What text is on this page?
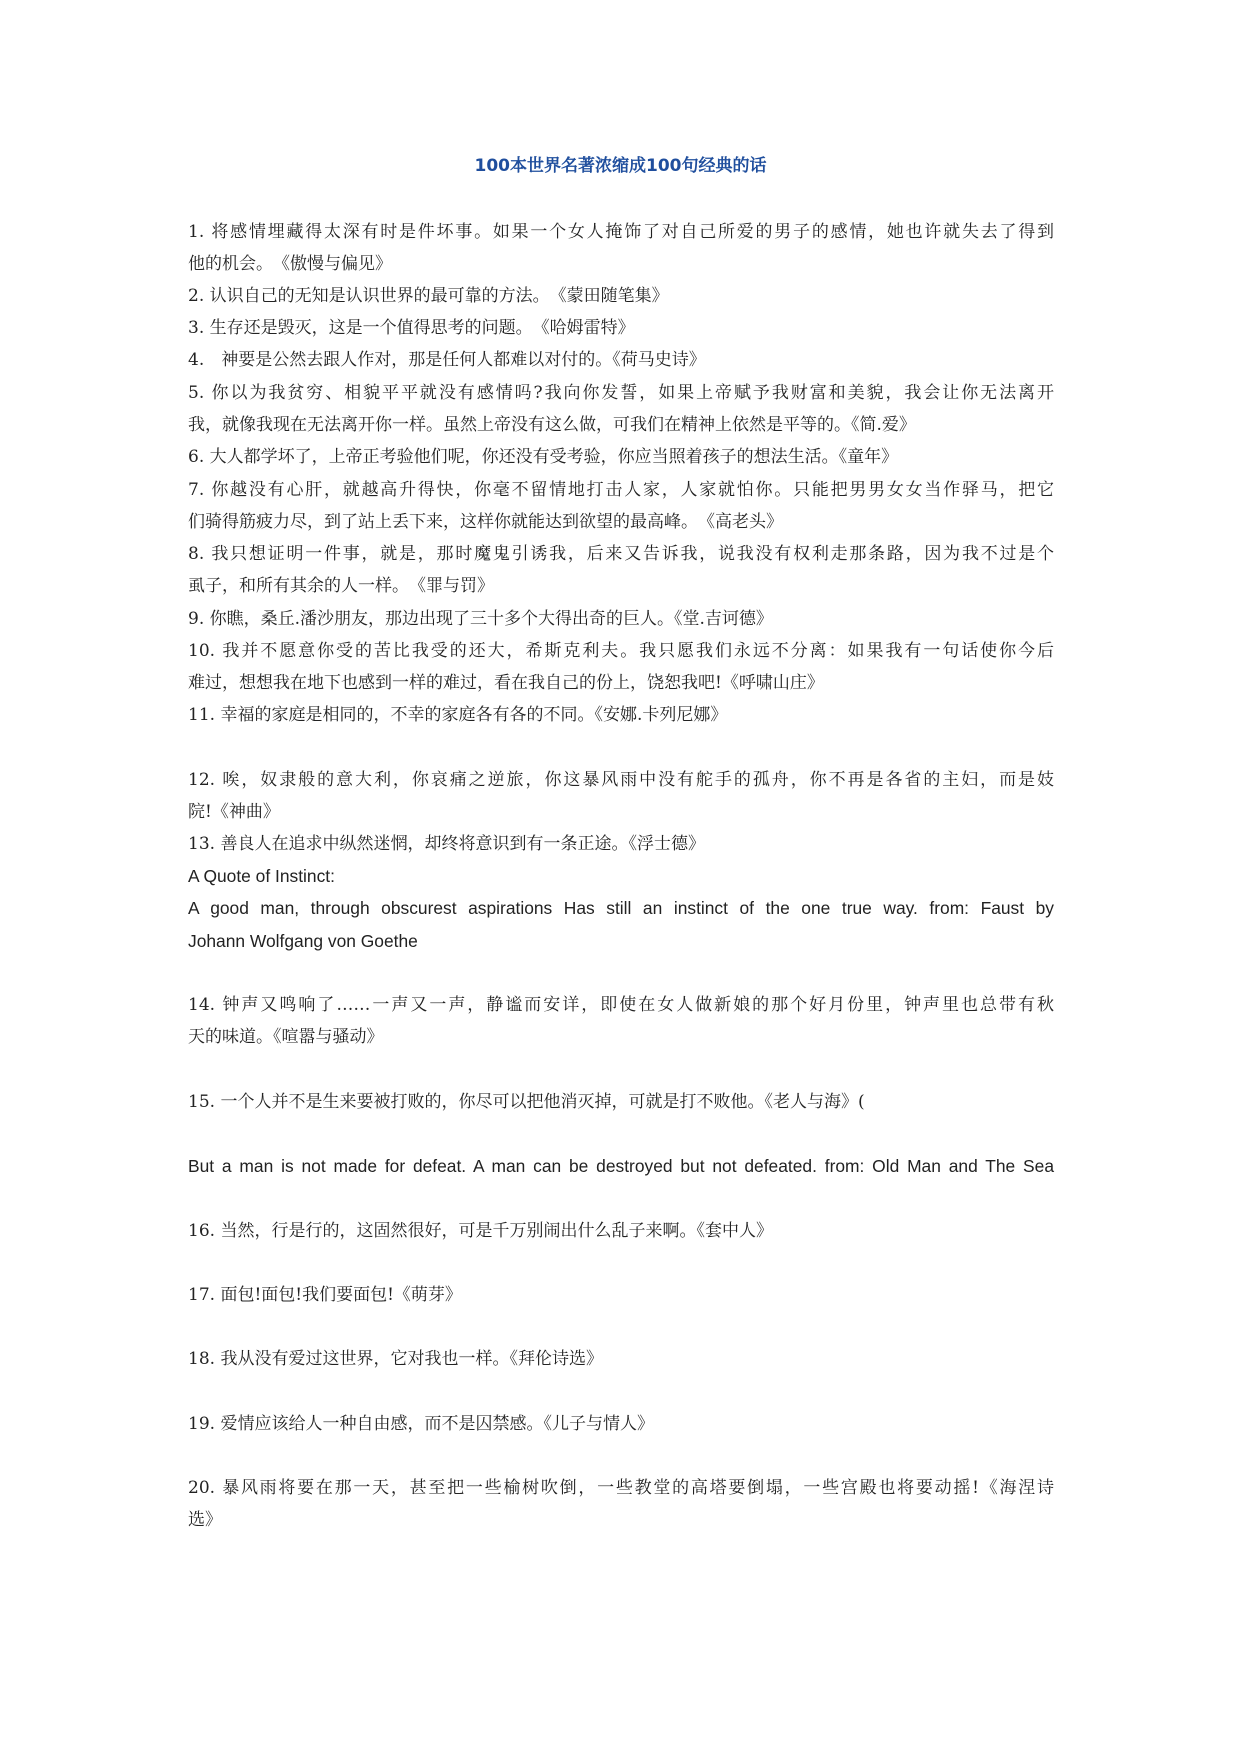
100本世界名著浓缩成100句经典的话
1. 将感情埋藏得太深有时是件坏事。如果一个女人掩饰了对自己所爱的男子的感情，她也许就失去了得到
他的机会。　《傲慢与偏见》
2. 认识自己的无知是认识世界的最可靠的方法。　《蒙田随笔集》
3. 生存还是毁灭，这是一个值得思考的问题。　《哈姆雷特》
4.　神要是公然去跟人作对，那是任何人都难以对付的。《荷马史诗》
5. 你以为我贫穷、相貌平平就没有感情吗?我向你发誓，如果上帝赋予我财富和美貌，我会让你无法离开
我，就像我现在无法离开你一样。虽然上帝没有这么做，可我们在精神上依然是平等的。《简.爱》
6. 大人都学坏了，上帝正考验他们呢，你还没有受考验，你应当照着孩子的想法生活。《童年》
7. 你越没有心肝，就越高升得快，你毫不留情地打击人家，人家就怕你。只能把男男女女当作驿马，把它
们骑得筋疲力尽，到了站上丢下来，这样你就能达到欲望的最高峰。　《高老头》
8. 我只想证明一件事，就是，那时魔鬼引诱我，后来又告诉我，说我没有权利走那条路，因为我不过是个
虱子，和所有其余的人一样。　《罪与罚》
9. 你瞧，桑丘.潘沙朋友，那边出现了三十多个大得出奇的巨人。《堂.吉诃德》
10. 我并不愿意你受的苦比我受的还大，希斯克利夫。我只愿我们永远不分离：如果我有一句话使你今后
难过，想想我在地下也感到一样的难过，看在我自己的份上，饶恕我吧!《呼啸山庄》
11. 幸福的家庭是相同的，不幸的家庭各有各的不同。《安娜.卡列尼娜》
12. 唉，奴隶般的意大利，你哀痛之逆旅，你这暴风雨中没有舵手的孤舟，你不再是各省的主妇，而是妓
院!《神曲》
13. 善良人在追求中纵然迷惘，却终将意识到有一条正途。《浮士德》
A Quote of Instinct:
A good man, through obscurest aspirations Has still an instinct of the one true way. from: Faust by
Johann Wolfgang von Goethe
14. 钟声又鸣响了……一声又一声，静谧而安详，即使在女人做新娘的那个好月份里，钟声里也总带有秋
天的味道。《喧嚣与骚动》
15. 一个人并不是生来要被打败的，你尽可以把他消灭掉，可就是打不败他。《老人与海》(
But a man is not made for defeat. A man can be destroyed but not defeated. from: Old Man and The Sea
16. 当然，行是行的，这固然很好，可是千万别闹出什么乱子来啊。《套中人》
17. 面包!面包!我们要面包!《萌芽》
18. 我从没有爱过这世界，它对我也一样。《拜伦诗选》
19. 爱情应该给人一种自由感，而不是囚禁感。《儿子与情人》
20. 暴风雨将要在那一天，甚至把一些榆树吹倒，一些教堂的高塔要倒塌，一些宫殿也将要动摇!《海涅诗
选》
